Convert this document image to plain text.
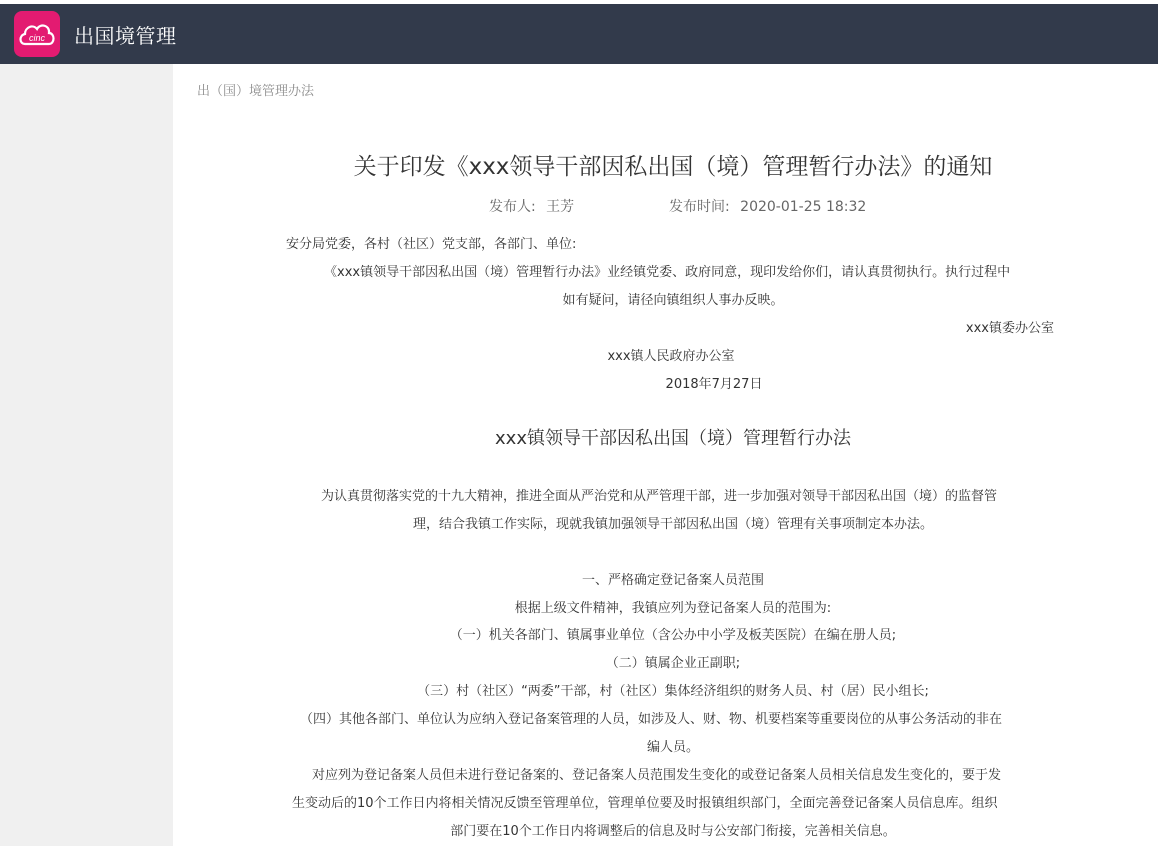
cinc 出国境管理
出（国）境管理办法
关于印发《xxx领导干部因私出国（境）管理暂行办法》的通知
发布人: 王芳	发布时间: 2020-01-25 18:32
安分局党委，各村（社区）党支部，各部门、单位:
《xxx镇领导干部因私出国（境）管理暂行办法》业经镇党委、政府同意，现印发给你们，请认真贯彻执行。执行过程中
如有疑问，请径向镇组织人事办反映。
xxx镇委办公室
xxx镇人民政府办公室
2018年7月27日
xxx镇领导干部因私出国（境）管理暂行办法
为认真贯彻落实党的十九大精神，推进全面从严治党和从严管理干部，进一步加强对领导干部因私出国（境）的监督管
理，结合我镇工作实际，现就我镇加强领导干部因私出国（境）管理有关事项制定本办法。
一、严格确定登记备案人员范围
根据上级文件精神，我镇应列为登记备案人员的范围为:
（一）机关各部门、镇属事业单位（含公办中小学及板芙医院）在编在册人员;
（二）镇属企业正副职;
（三）村（社区）“两委”干部，村（社区）集体经济组织的财务人员、村（居）民小组长;
（四）其他各部门、单位认为应纳入登记备案管理的人员，如涉及人、财、物、机要档案等重要岗位的从事公务活动的非在
编人员。
对应列为登记备案人员但未进行登记备案的、登记备案人员范围发生变化的或登记备案人员相关信息发生变化的，要于发
生变动后的10个工作日内将相关情况反馈至管理单位，管理单位要及时报镇组织部门，全面完善登记备案人员信息库。组织
部门要在10个工作日内将调整后的信息及时与公安部门衔接，完善相关信息。
